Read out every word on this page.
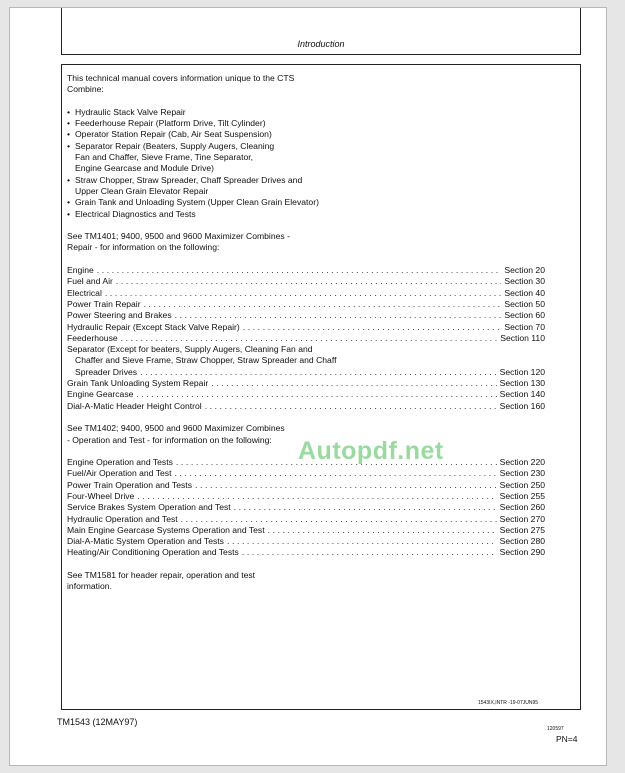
Introduction

This technical manual covers information unique to the CTS Combine:

• Hydraulic Stack Valve Repair
• Feederhouse Repair (Platform Drive, Tilt Cylinder)
• Operator Station Repair (Cab, Air Seat Suspension)
• Separator Repair (Beaters, Supply Augers, Cleaning Fan and Chaffer, Sieve Frame, Tine Separator, Engine Gearcase and Module Drive)
• Straw Chopper, Straw Spreader, Chaff Spreader Drives and Upper Clean Grain Elevator Repair
• Grain Tank and Unloading System (Upper Clean Grain Elevator)
• Electrical Diagnostics and Tests

See TM1401; 9400, 9500 and 9600 Maximizer Combines - Repair - for information on the following:

Engine .....	Section 20
Fuel and Air .....	Section 30
Electrical .....	Section 40
Power Train Repair .....	Section 50
Power Steering and Brakes .....	Section 60
Hydraulic Repair (Except Stack Valve Repair) .....	Section 70
Feederhouse .....	Section 110
Separator (Except for beaters, Supply Augers, Cleaning Fan and
Chaffer and Sieve Frame, Straw Chopper, Straw Spreader and Chaff
Spreader Drives .....	Section 120
Grain Tank Unloading System Repair .....	Section 130
Engine Gearcase .....	Section 140
Dial-A-Matic Header Height Control .....	Section 160

See TM1402; 9400, 9500 and 9600 Maximizer Combines - Operation and Test - for information on the following:

Engine Operation and Tests .....	Section 220
Fuel/Air Operation and Test .....	Section 230
Power Train Operation and Tests .....	Section 250
Four-Wheel Drive .....	Section 255
Service Brakes System Operation and Test .....	Section 260
Hydraulic Operation and Test .....	Section 270
Main Engine Gearcase Systems Operation and Test .....	Section 275
Dial-A-Matic System Operation and Tests .....	Section 280
Heating/Air Conditioning Operation and Tests .....	Section 290

See TM1581 for header repair, operation and test information.

Autopdf.net
1543IX,INTR -19-07JUN95
120597
TM1543 (12MAY97)
PN=4
